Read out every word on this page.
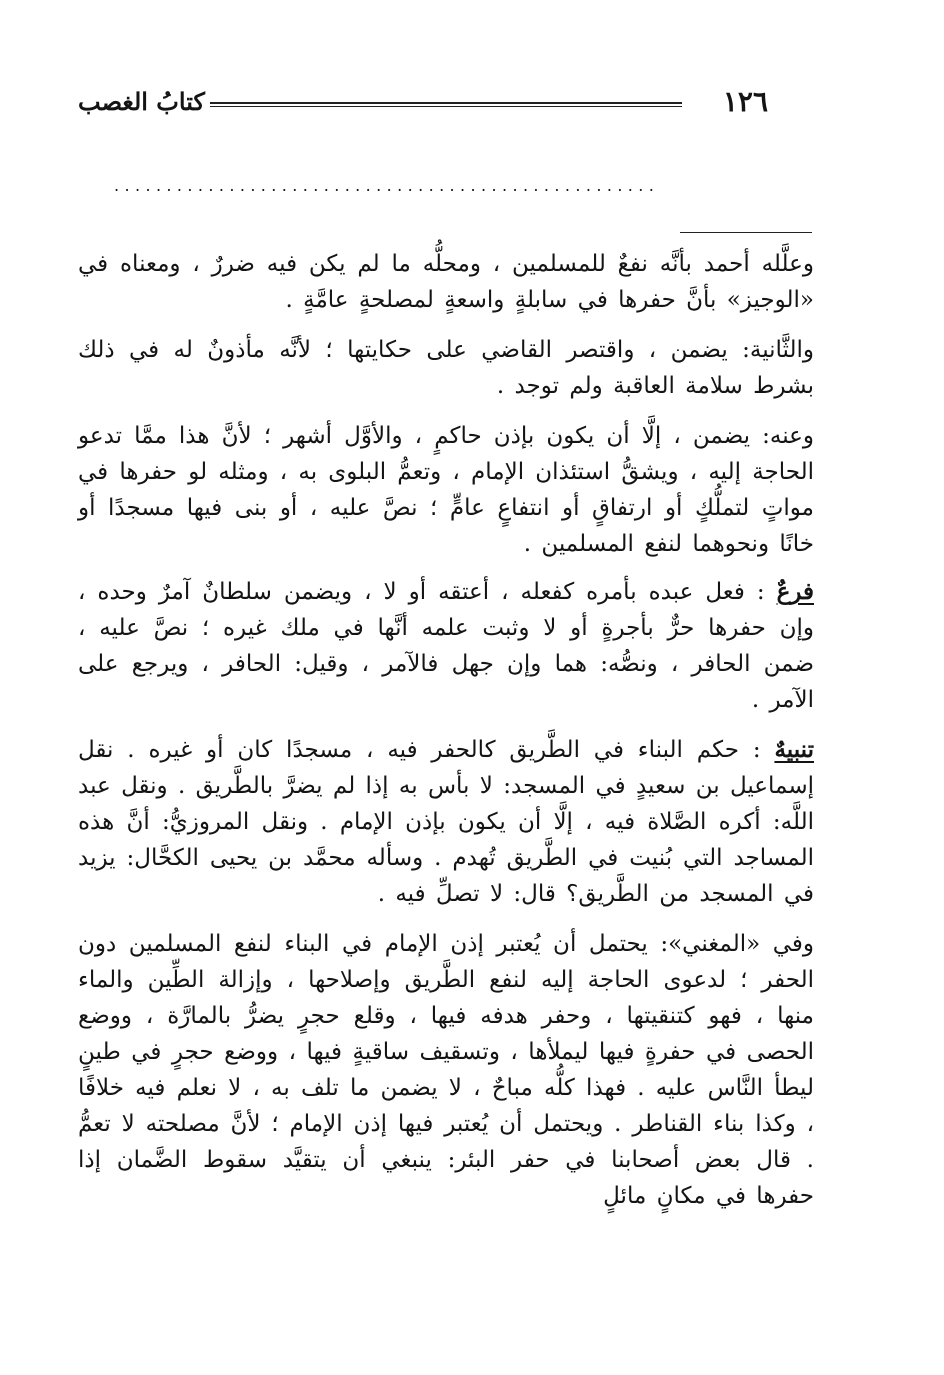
١٢٦
كتابُ الغصب
....................................................

وعلَّله أحمد بأنَّه نفعٌ للمسلمين ، ومحلُّه ما لم يكن فيه ضررٌ ، ومعناه في «الوجيز» بأنَّ حفرها في سابلةٍ واسعةٍ لمصلحةٍ عامَّةٍ .

والثَّانية: يضمن ، واقتصر القاضي على حكايتها ؛ لأنَّه مأذونٌ له في ذلك بشرط سلامة العاقبة ولم توجد .

وعنه: يضمن ، إلَّا أن يكون بإذن حاكمٍ ، والأوَّل أشهر ؛ لأنَّ هذا ممَّا تدعو الحاجة إليه ، ويشقُّ استئذان الإمام ، وتعمُّ البلوى به ، ومثله لو حفرها في مواتٍ لتملُّكٍ أو ارتفاقٍ أو انتفاعٍ عامٍّ ؛ نصَّ عليه ، أو بنى فيها مسجدًا أو خانًا ونحوهما لنفع المسلمين .

فرعٌ : فعل عبده بأمره كفعله ، أعتقه أو لا ، ويضمن سلطانٌ آمرٌ وحده ، وإن حفرها حرٌّ بأجرةٍ أو لا وثبت علمه أنَّها في ملك غيره ؛ نصَّ عليه ، ضمن الحافر ، ونصُّه: هما وإن جهل فالآمر ، وقيل: الحافر ، ويرجع على الآمر .

تنبيهٌ : حكم البناء في الطَّريق كالحفر فيه ، مسجدًا كان أو غيره . نقل إسماعيل بن سعيدٍ في المسجد: لا بأس به إذا لم يضرَّ بالطَّريق . ونقل عبد اللَّه: أكره الصَّلاة فيه ، إلَّا أن يكون بإذن الإمام . ونقل المروزيُّ: أنَّ هذه المساجد التي بُنيت في الطَّريق تُهدم . وسأله محمَّد بن يحيى الكحَّال: يزيد في المسجد من الطَّريق؟ قال: لا تصلِّ فيه .

وفي «المغني»: يحتمل أن يُعتبر إذن الإمام في البناء لنفع المسلمين دون الحفر ؛ لدعوى الحاجة إليه لنفع الطَّريق وإصلاحها ، وإزالة الطِّين والماء منها ، فهو كتنقيتها ، وحفر هدفه فيها ، وقلع حجرٍ يضرُّ بالمارَّة ، ووضع الحصى في حفرةٍ فيها ليملأها ، وتسقيف ساقيةٍ فيها ، ووضع حجرٍ في طينٍ ليطأ النَّاس عليه . فهذا كلُّه مباحٌ ، لا يضمن ما تلف به ، لا نعلم فيه خلافًا ، وكذا بناء القناطر . ويحتمل أن يُعتبر فيها إذن الإمام ؛ لأنَّ مصلحته لا تعمُّ . قال بعض أصحابنا في حفر البئر: ينبغي أن يتقيَّد سقوط الضَّمان إذا حفرها في مكانٍ مائلٍ
